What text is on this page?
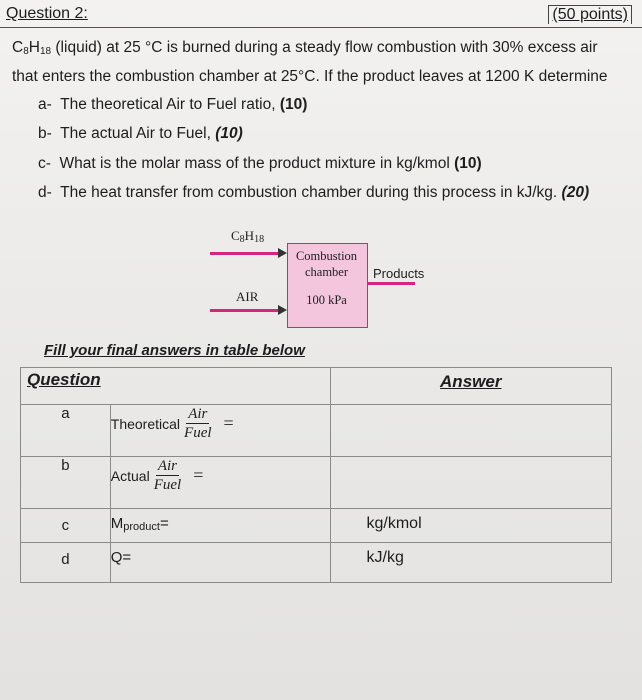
Question 2:	(50 points)
$C_8H_{18}$ (liquid) at 25 °C is burned during a steady flow combustion with 30% excess air
that enters the combustion chamber at 25°C. If the product leaves at 1200 K determine
a- The theoretical Air to Fuel ratio, (10)
b- The actual Air to Fuel, (10)
c- What is the molar mass of the product mixture in kg/kmol (10)
d- The heat transfer from combustion chamber during this process in kJ/kg. (20)
$C_8H_{18}$
AIR
Combustion
chamber
100 kPa
Products
Fill your final answers in table below
Question		Answer
a	Theoretical $\frac{\text{Air}}{\text{Fuel}}$ =	

b	Actual $\frac{\text{Air}}{\text{Fuel}}$ =	

c	$M_{product}=$	kg/kmol
d	Q=	kJ/kg
